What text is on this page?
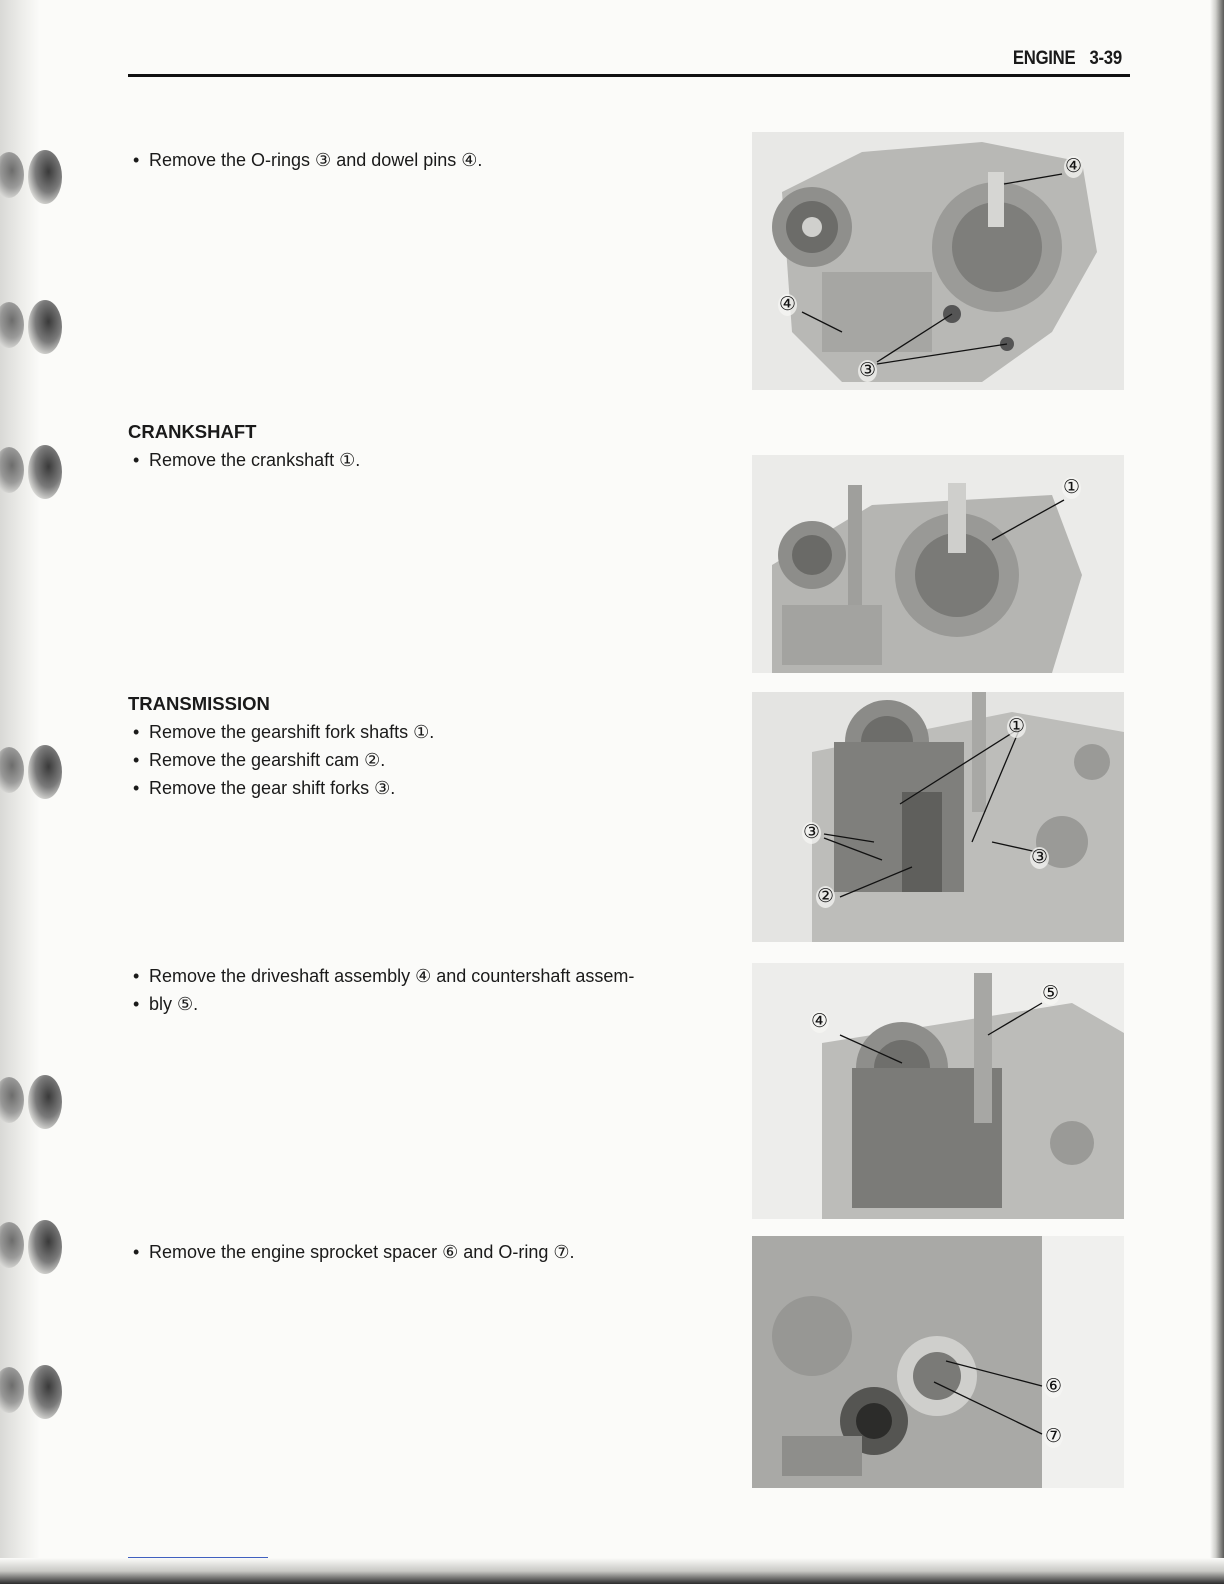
ENGINE 3-39
• Remove the O-rings ③ and dowel pins ④.
CRANKSHAFT
• Remove the crankshaft ①.
TRANSMISSION
• Remove the gearshift fork shafts ①.
• Remove the gearshift cam ②.
• Remove the gear shift forks ③.
• Remove the driveshaft assembly ④ and countershaft assem-
• bly ⑤.
• Remove the engine sprocket spacer ⑥ and O-ring ⑦.
④
④
③
①
①
③
③
②
④
⑤
⑥
⑦
